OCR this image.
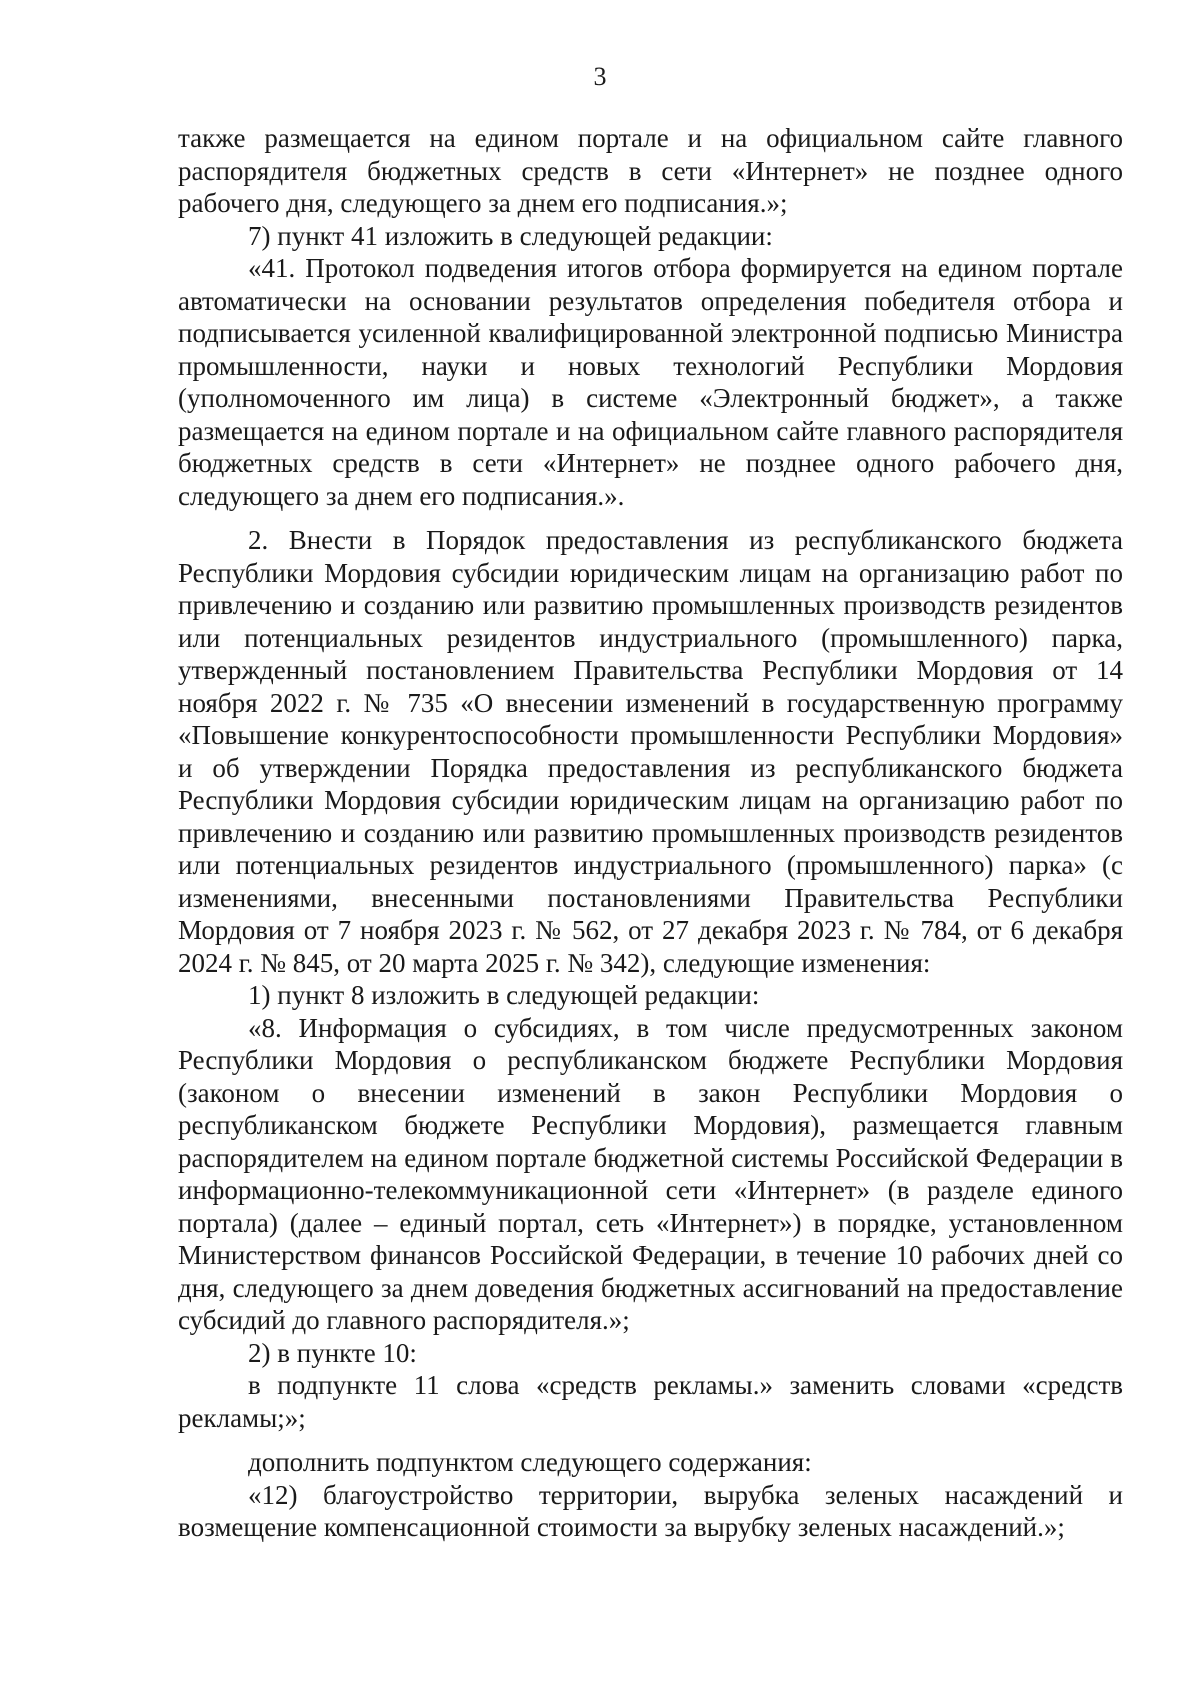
3

также размещается на едином портале и на официальном сайте главного распорядителя бюджетных средств в сети «Интернет» не позднее одного рабочего дня, следующего за днем его подписания.»;

7) пункт 41 изложить в следующей редакции:

«41. Протокол подведения итогов отбора формируется на едином портале автоматически на основании результатов определения победителя отбора и подписывается усиленной квалифицированной электронной подписью Министра промышленности, науки и новых технологий Республики Мордовия (уполномоченного им лица) в системе «Электронный бюджет», а также размещается на едином портале и на официальном сайте главного распорядителя бюджетных средств в сети «Интернет» не позднее одного рабочего дня, следующего за днем его подписания.».

2. Внести в Порядок предоставления из республиканского бюджета Республики Мордовия субсидии юридическим лицам на организацию работ по привлечению и созданию или развитию промышленных производств резидентов или потенциальных резидентов индустриального (промышленного) парка, утвержденный постановлением Правительства Республики Мордовия от 14 ноября 2022 г. № 735 «О внесении изменений в государственную программу «Повышение конкурентоспособности промышленности Республики Мордовия» и об утверждении Порядка предоставления из республиканского бюджета Республики Мордовия субсидии юридическим лицам на организацию работ по привлечению и созданию или развитию промышленных производств резидентов или потенциальных резидентов индустриального (промышленного) парка» (с изменениями, внесенными постановлениями Правительства Республики Мордовия от 7 ноября 2023 г. № 562, от 27 декабря 2023 г. № 784, от 6 декабря 2024 г. № 845, от 20 марта 2025 г. № 342), следующие изменения:

1) пункт 8 изложить в следующей редакции:

«8. Информация о субсидиях, в том числе предусмотренных законом Республики Мордовия о республиканском бюджете Республики Мордовия (законом о внесении изменений в закон Республики Мордовия о республиканском бюджете Республики Мордовия), размещается главным распорядителем на едином портале бюджетной системы Российской Федерации в информационно-телекоммуникационной сети «Интернет» (в разделе единого портала) (далее – единый портал, сеть «Интернет») в порядке, установленном Министерством финансов Российской Федерации, в течение 10 рабочих дней со дня, следующего за днем доведения бюджетных ассигнований на предоставление субсидий до главного распорядителя.»;

2) в пункте 10:

в подпункте 11 слова «средств рекламы.» заменить словами «средств рекламы;»;

дополнить подпунктом следующего содержания:

«12) благоустройство территории, вырубка зеленых насаждений и возмещение компенсационной стоимости за вырубку зеленых насаждений.»;
